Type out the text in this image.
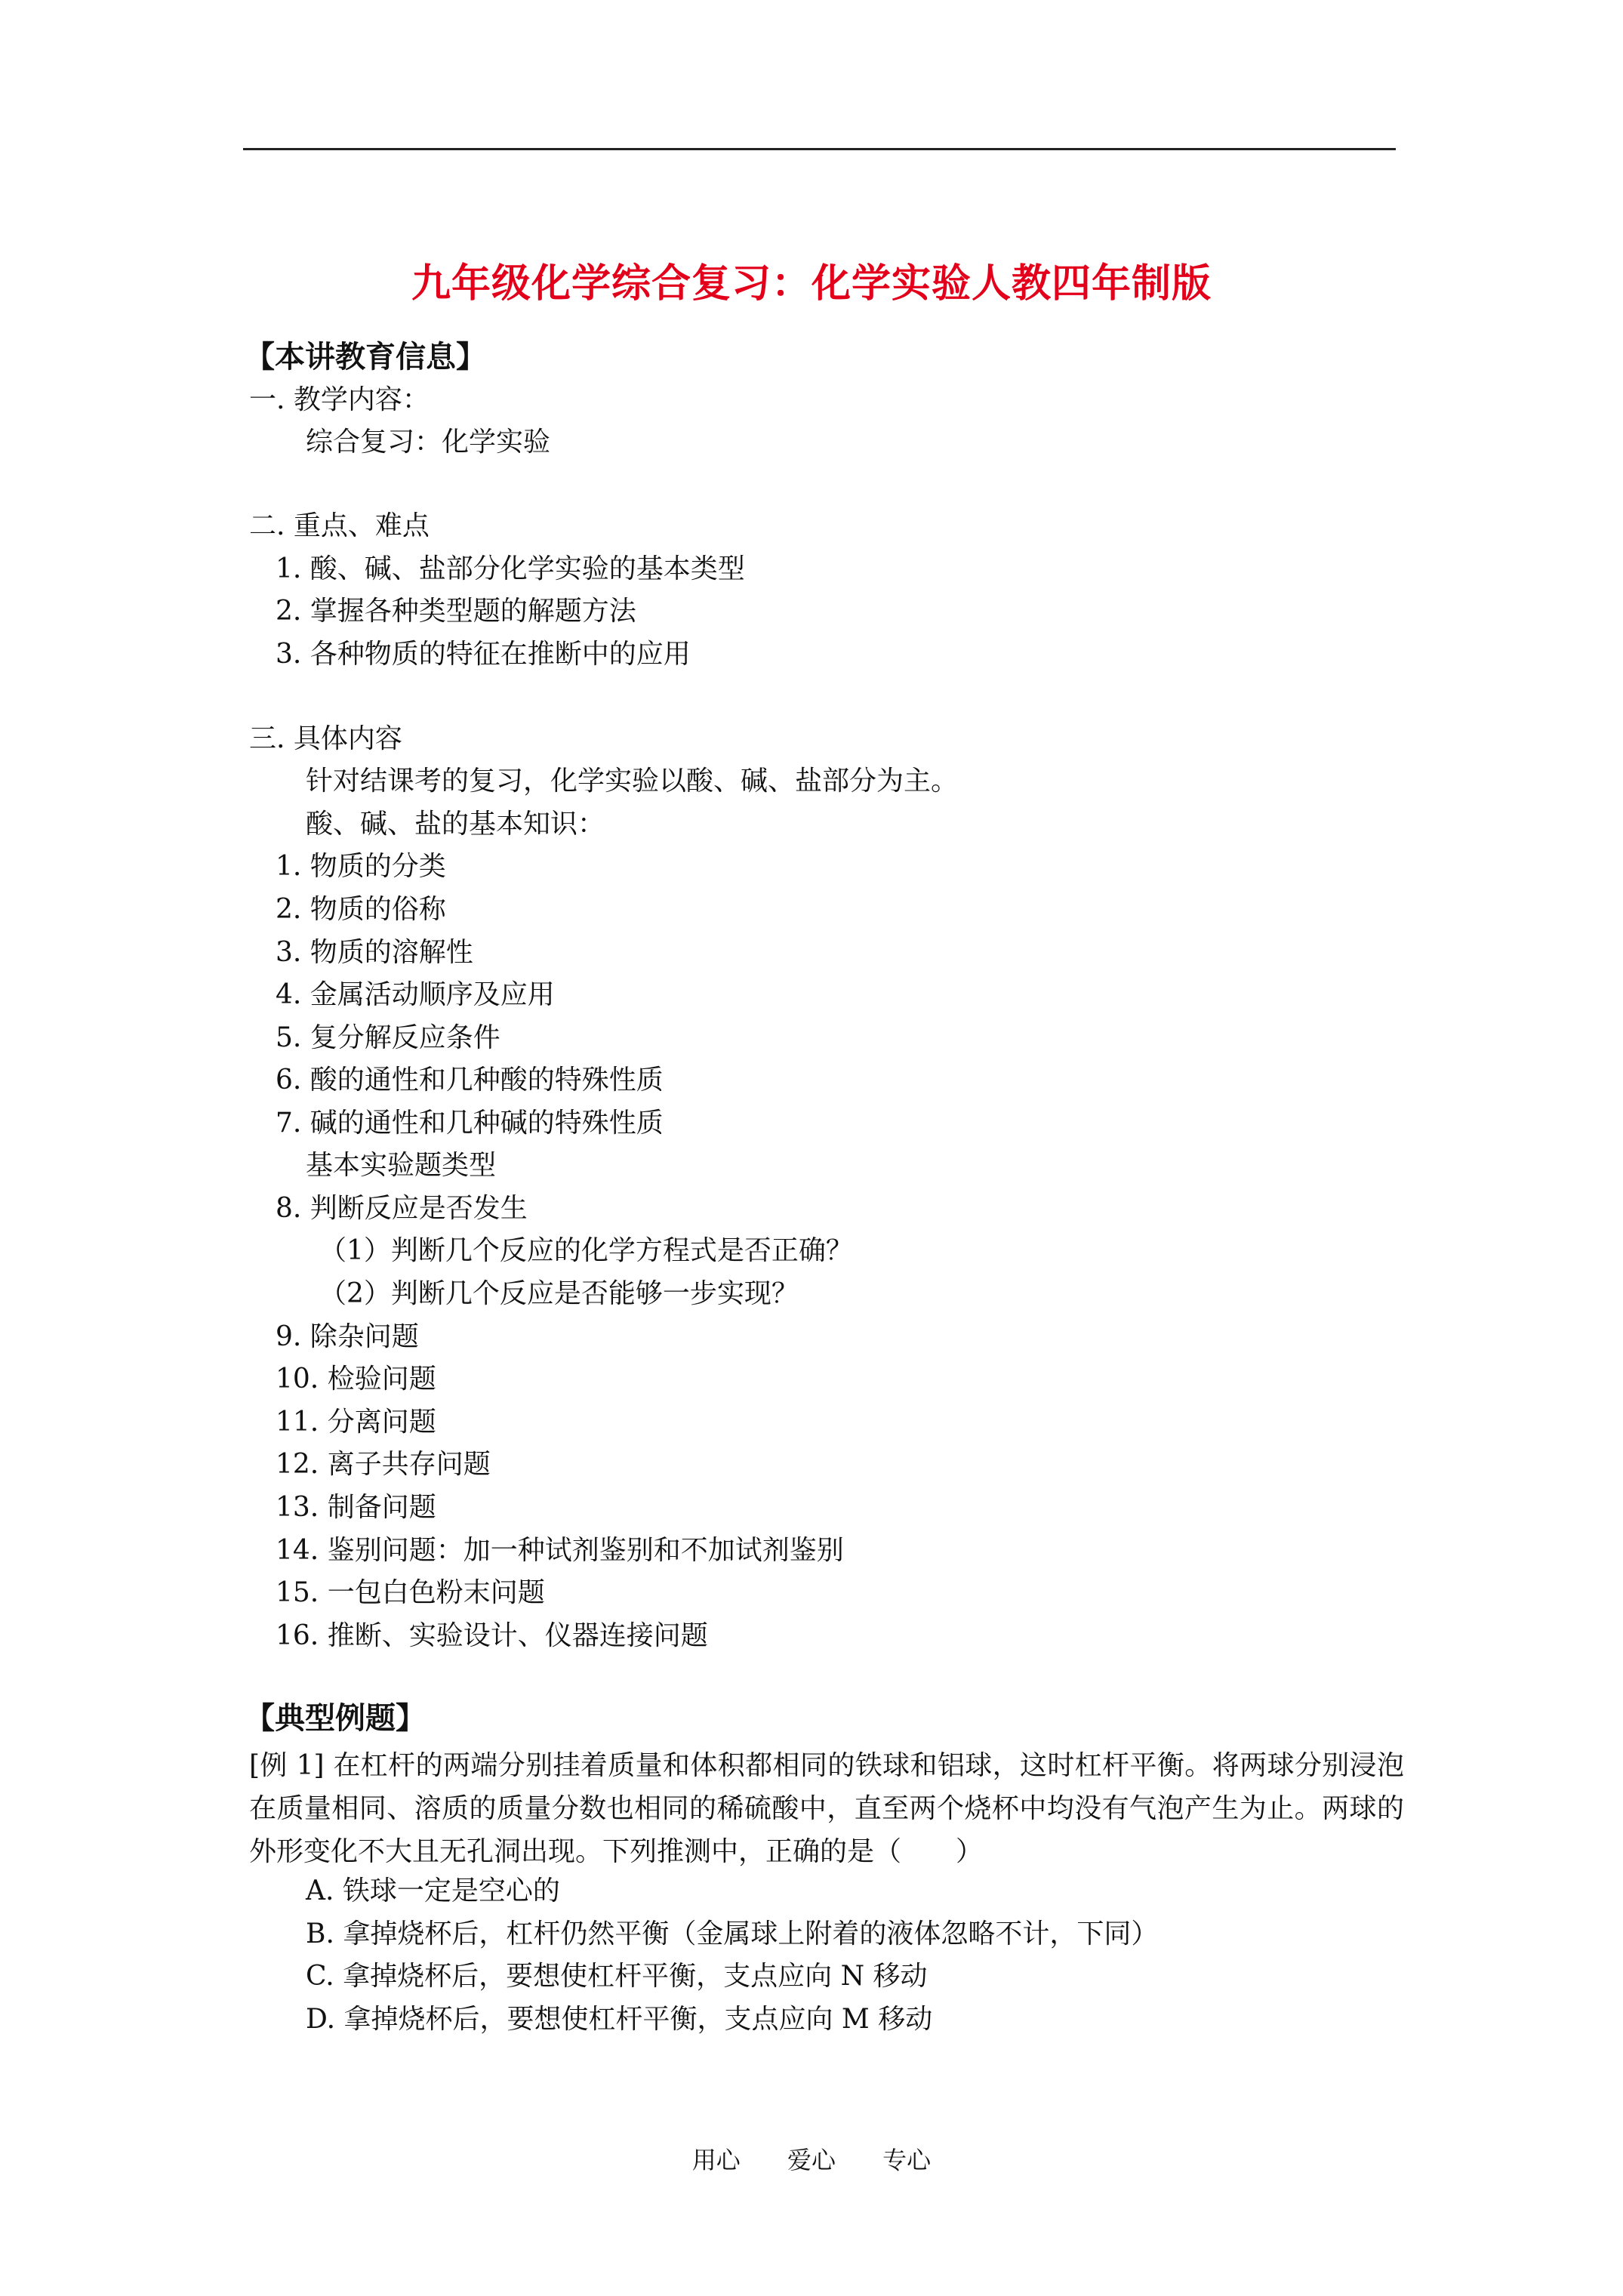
九年级化学综合复习：化学实验人教四年制版
【本讲教育信息】
一. 教学内容：
综合复习：化学实验
二. 重点、难点
1. 酸、碱、盐部分化学实验的基本类型
2. 掌握各种类型题的解题方法
3. 各种物质的特征在推断中的应用
三. 具体内容
针对结课考的复习，化学实验以酸、碱、盐部分为主。
酸、碱、盐的基本知识：
1. 物质的分类
2. 物质的俗称
3. 物质的溶解性
4. 金属活动顺序及应用
5. 复分解反应条件
6. 酸的通性和几种酸的特殊性质
7. 碱的通性和几种碱的特殊性质
基本实验题类型
8. 判断反应是否发生
（1）判断几个反应的化学方程式是否正确？
（2）判断几个反应是否能够一步实现？
9. 除杂问题
10. 检验问题
11. 分离问题
12. 离子共存问题
13. 制备问题
14. 鉴别问题：加一种试剂鉴别和不加试剂鉴别
15. 一包白色粉末问题
16. 推断、实验设计、仪器连接问题
【典型例题】
[例 1] 在杠杆的两端分别挂着质量和体积都相同的铁球和铝球，这时杠杆平衡。将两球分别浸泡在质量相同、溶质的质量分数也相同的稀硫酸中，直至两个烧杯中均没有气泡产生为止。两球的外形变化不大且无孔洞出现。下列推测中，正确的是（　　）
A. 铁球一定是空心的
B. 拿掉烧杯后，杠杆仍然平衡（金属球上附着的液体忽略不计，下同）
C. 拿掉烧杯后，要想使杠杆平衡，支点应向 N 移动
D. 拿掉烧杯后，要想使杠杆平衡，支点应向 M 移动
用心 爱心 专心
